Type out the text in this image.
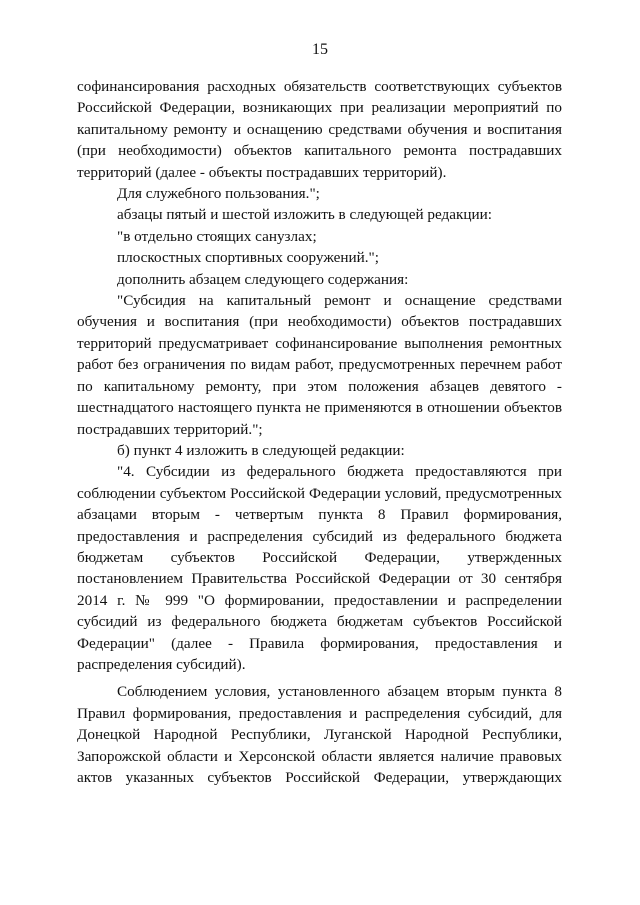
15

софинансирования расходных обязательств соответствующих субъектов Российской Федерации, возникающих при реализации мероприятий по капитальному ремонту и оснащению средствами обучения и воспитания (при необходимости) объектов капитального ремонта пострадавших территорий (далее - объекты пострадавших территорий).

Для служебного пользования.";

абзацы пятый и шестой изложить в следующей редакции:

"в отдельно стоящих санузлах;

плоскостных спортивных сооружений.";

дополнить абзацем следующего содержания:

"Субсидия на капитальный ремонт и оснащение средствами обучения и воспитания (при необходимости) объектов пострадавших территорий предусматривает софинансирование выполнения ремонтных работ без ограничения по видам работ, предусмотренных перечнем работ по капитальному ремонту, при этом положения абзацев девятого - шестнадцатого настоящего пункта не применяются в отношении объектов пострадавших территорий.";

б) пункт 4 изложить в следующей редакции:

"4. Субсидии из федерального бюджета предоставляются при соблюдении субъектом Российской Федерации условий, предусмотренных абзацами вторым - четвертым пункта 8 Правил формирования, предоставления и распределения субсидий из федерального бюджета бюджетам субъектов Российской Федерации, утвержденных постановлением Правительства Российской Федерации от 30 сентября 2014 г. № 999 "О формировании, предоставлении и распределении субсидий из федерального бюджета бюджетам субъектов Российской Федерации" (далее - Правила формирования, предоставления и распределения субсидий).

Соблюдением условия, установленного абзацем вторым пункта 8 Правил формирования, предоставления и распределения субсидий, для Донецкой Народной Республики, Луганской Народной Республики, Запорожской области и Херсонской области является наличие правовых актов указанных субъектов Российской Федерации, утверждающих
